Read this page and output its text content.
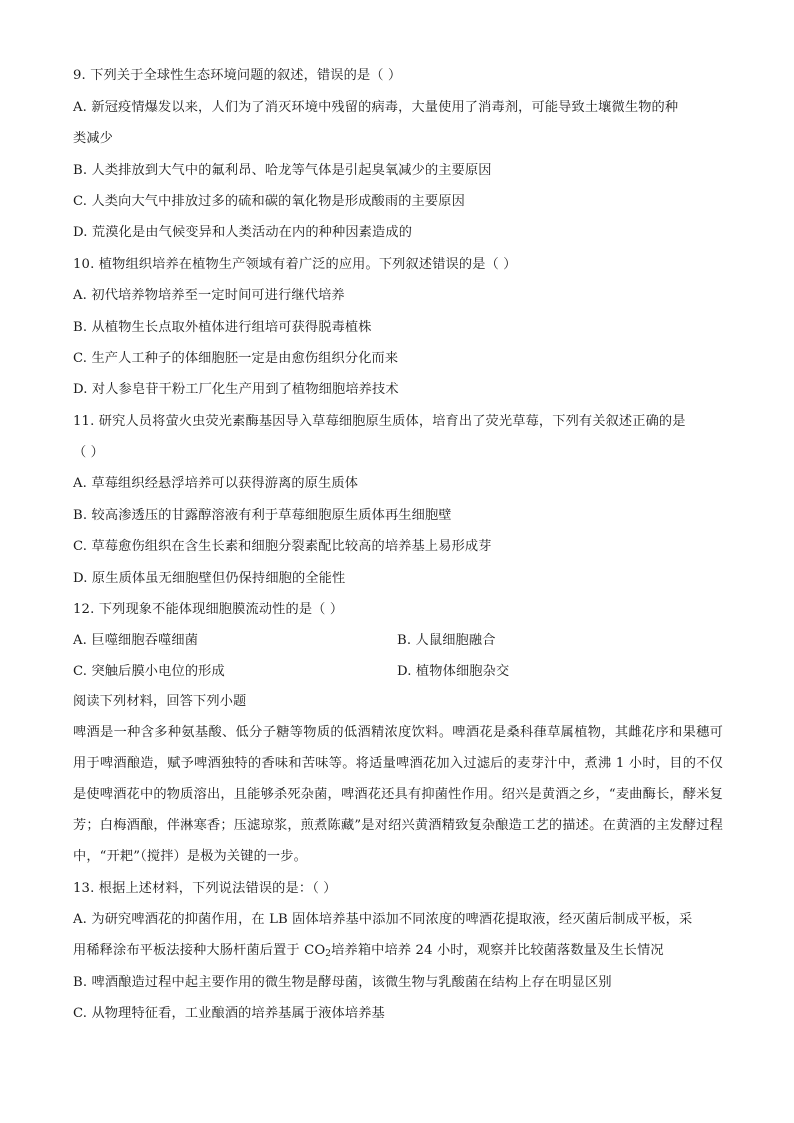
9. 下列关于全球性生态环境问题的叙述，错误的是（ ）
A. 新冠疫情爆发以来，人们为了消灭环境中残留的病毒，大量使用了消毒剂，可能导致土壤微生物的种
类减少
B. 人类排放到大气中的氟利昂、哈龙等气体是引起臭氧减少的主要原因
C. 人类向大气中排放过多的硫和碳的氧化物是形成酸雨的主要原因
D. 荒漠化是由气候变异和人类活动在内的种种因素造成的
10. 植物组织培养在植物生产领域有着广泛的应用。下列叙述错误的是（ ）
A. 初代培养物培养至一定时间可进行继代培养
B. 从植物生长点取外植体进行组培可获得脱毒植株
C. 生产人工种子的体细胞胚一定是由愈伤组织分化而来
D. 对人参皂苷干粉工厂化生产用到了植物细胞培养技术
11. 研究人员将萤火虫荧光素酶基因导入草莓细胞原生质体，培育出了荧光草莓，下列有关叙述正确的是
（ ）
A. 草莓组织经悬浮培养可以获得游离的原生质体
B. 较高渗透压的甘露醇溶液有利于草莓细胞原生质体再生细胞壁
C. 草莓愈伤组织在含生长素和细胞分裂素配比较高的培养基上易形成芽
D. 原生质体虽无细胞壁但仍保持细胞的全能性
12. 下列现象不能体现细胞膜流动性的是（ ）
A. 巨噬细胞吞噬细菌	B. 人鼠细胞融合
C. 突触后膜小电位的形成	D. 植物体细胞杂交
阅读下列材料，回答下列小题
啤酒是一种含多种氨基酸、低分子糖等物质的低酒精浓度饮料。啤酒花是桑科葎草属植物，其雌花序和果穗可用于啤酒酿造，赋予啤酒独特的香味和苦味等。将适量啤酒花加入过滤后的麦芽汁中，煮沸 1 小时，目的不仅是使啤酒花中的物质溶出，且能够杀死杂菌，啤酒花还具有抑菌性作用。绍兴是黄酒之乡，“麦曲酶长，酵米复芳；白梅酒酿，伴淋寒香；压滤琼浆，煎煮陈藏”是对绍兴黄酒精致复杂酿造工艺的描述。在黄酒的主发酵过程中，“开耙”（搅拌）是极为关键的一步。
13. 根据上述材料，下列说法错误的是：（ ）
A. 为研究啤酒花的抑菌作用，在 LB 固体培养基中添加不同浓度的啤酒花提取液，经灭菌后制成平板，采
用稀释涂布平板法接种大肠杆菌后置于 $CO_2$培养箱中培养 24 小时，观察并比较菌落数量及生长情况
B. 啤酒酿造过程中起主要作用的微生物是酵母菌，该微生物与乳酸菌在结构上存在明显区别
C. 从物理特征看，工业酿酒的培养基属于液体培养基
